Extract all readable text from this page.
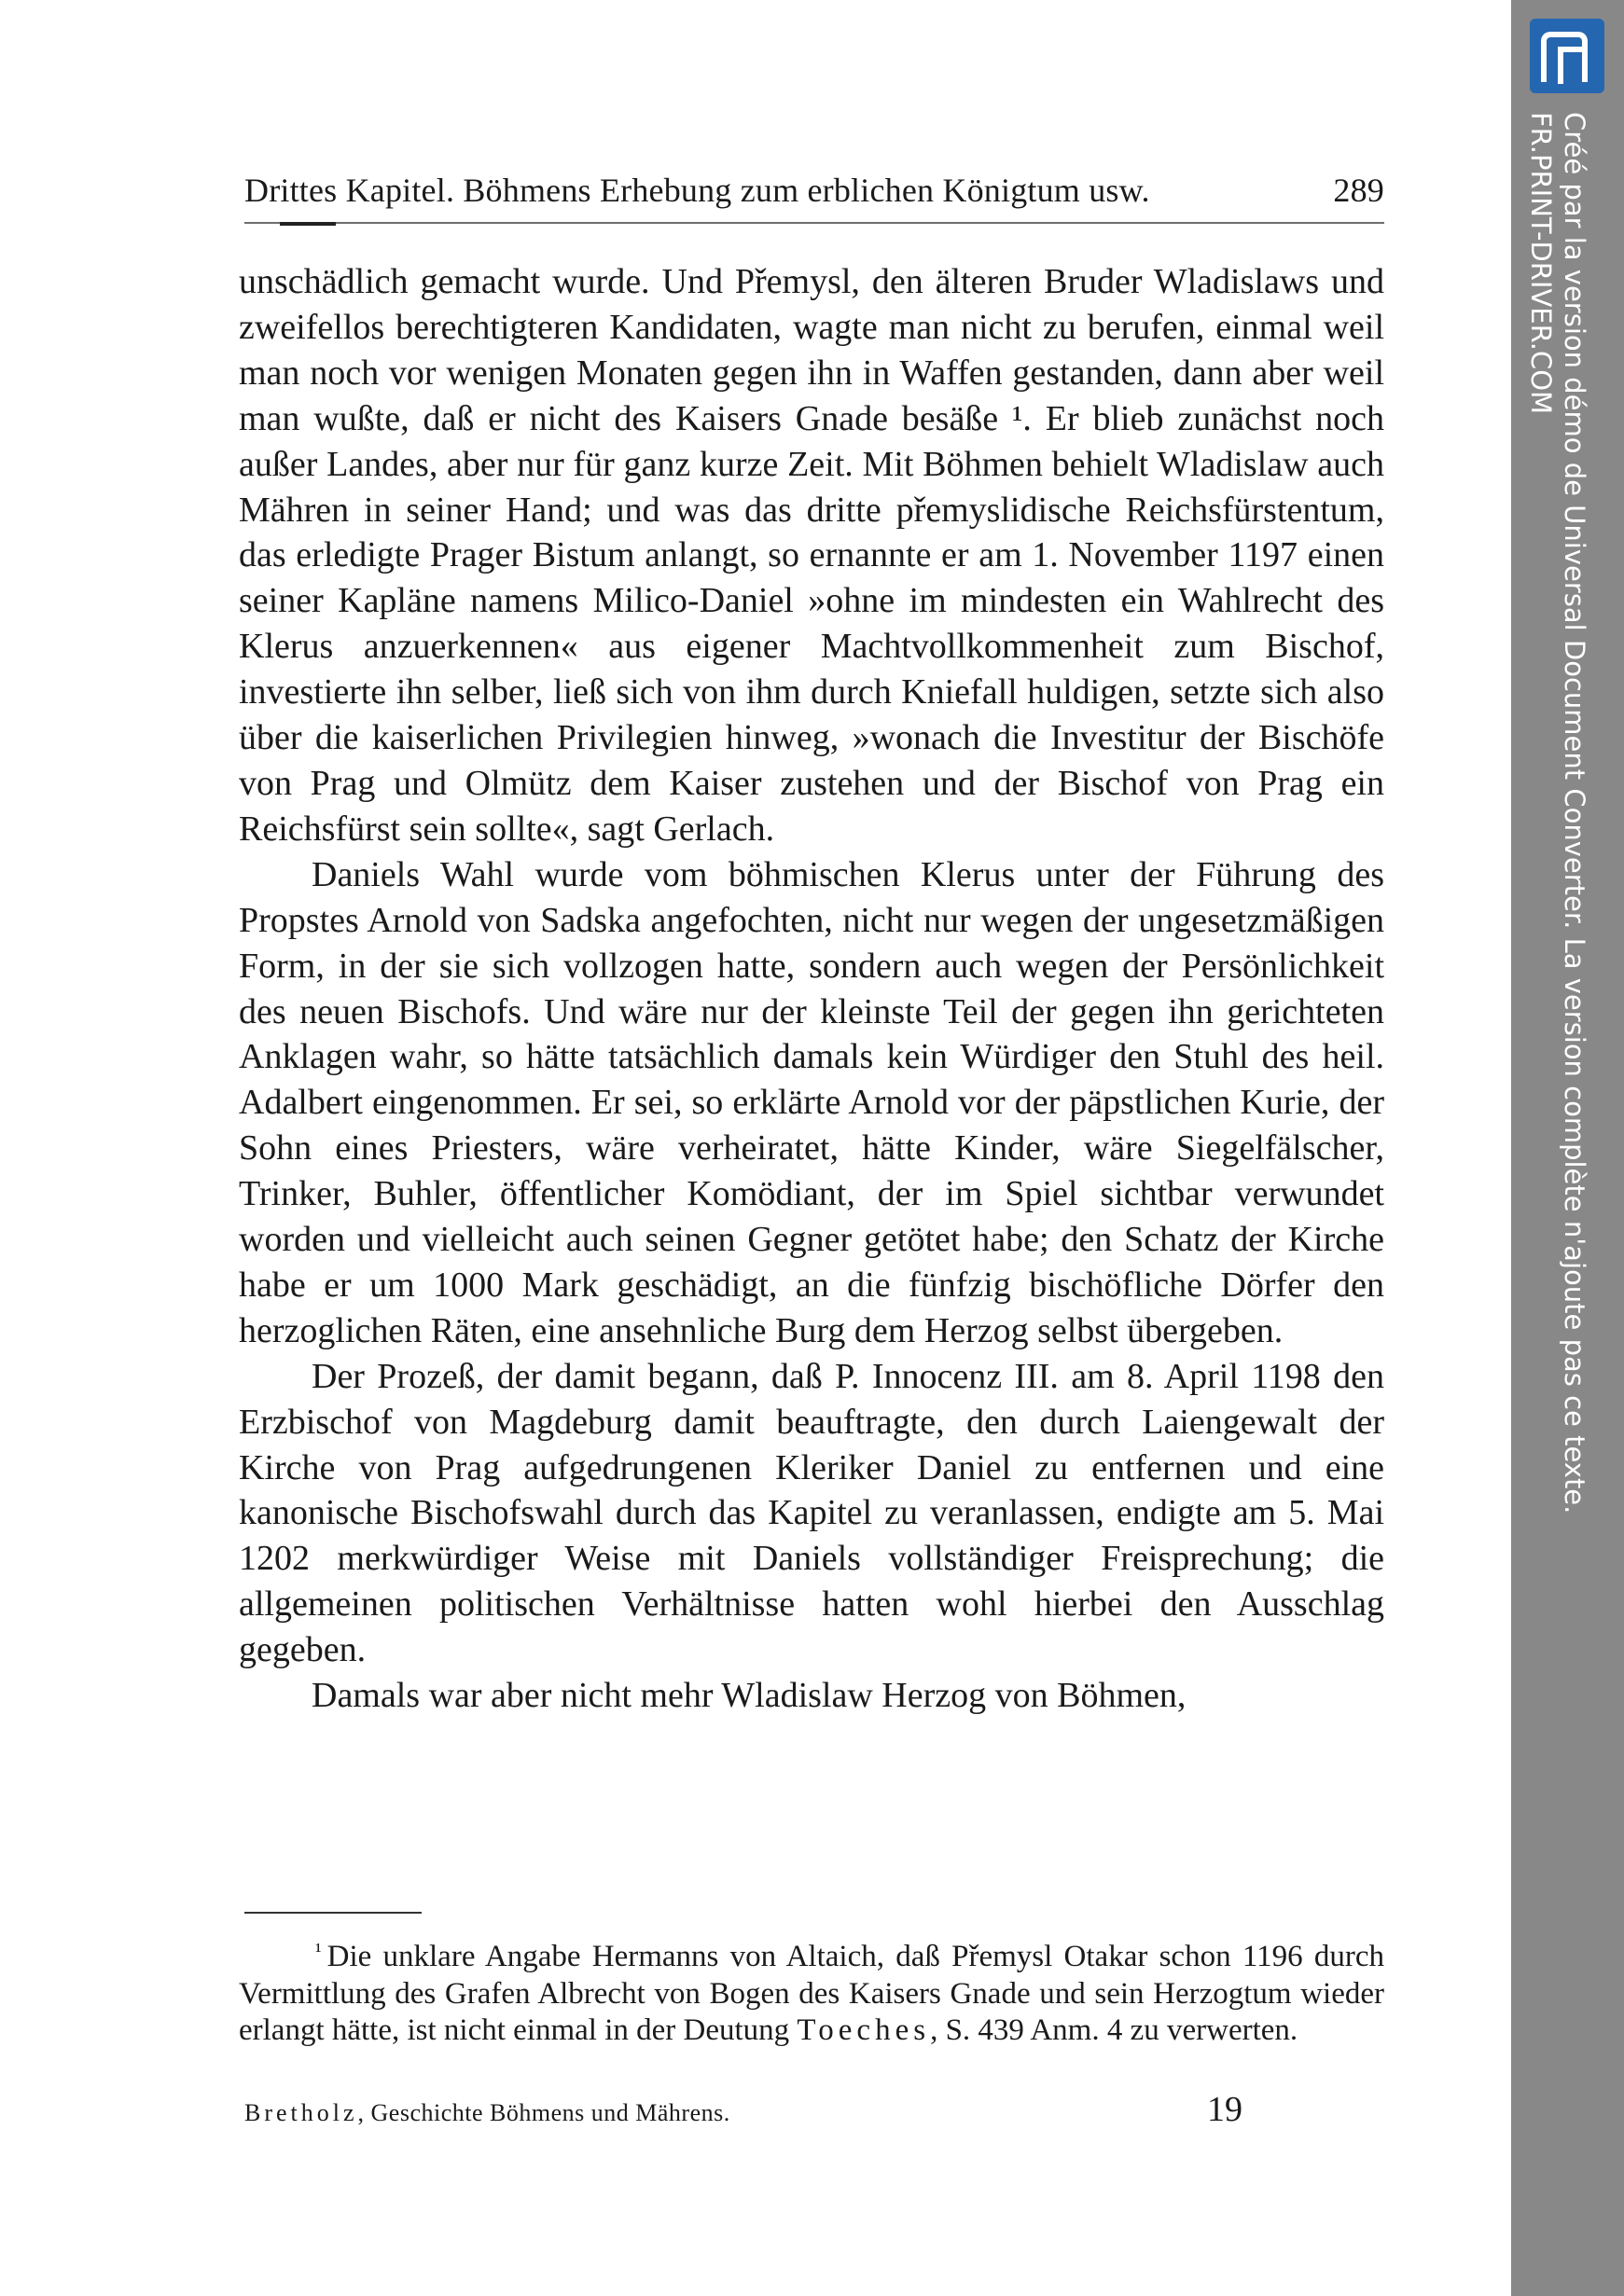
Drittes Kapitel. Böhmens Erhebung zum erblichen Königtum usw.	289

unschädlich gemacht wurde. Und Přemysl, den älteren Bruder Wladislaws und zweifellos berechtigteren Kandidaten, wagte man nicht zu berufen, einmal weil man noch vor wenigen Monaten gegen ihn in Waffen gestanden, dann aber weil man wußte, daß er nicht des Kaisers Gnade besäße ¹. Er blieb zunächst noch außer Landes, aber nur für ganz kurze Zeit. Mit Böhmen behielt Wladislaw auch Mähren in seiner Hand; und was das dritte přemyslidische Reichsfürstentum, das erledigte Prager Bistum anlangt, so ernannte er am 1. November 1197 einen seiner Kapläne namens Milico-Daniel »ohne im mindesten ein Wahlrecht des Klerus anzuerkennen« aus eigener Machtvollkommenheit zum Bischof, investierte ihn selber, ließ sich von ihm durch Kniefall huldigen, setzte sich also über die kaiserlichen Privilegien hinweg, »wonach die Investitur der Bischöfe von Prag und Olmütz dem Kaiser zustehen und der Bischof von Prag ein Reichsfürst sein sollte«, sagt Gerlach.

Daniels Wahl wurde vom böhmischen Klerus unter der Führung des Propstes Arnold von Sadska angefochten, nicht nur wegen der ungesetzmäßigen Form, in der sie sich vollzogen hatte, sondern auch wegen der Persönlichkeit des neuen Bischofs. Und wäre nur der kleinste Teil der gegen ihn gerichteten Anklagen wahr, so hätte tatsächlich damals kein Würdiger den Stuhl des heil. Adalbert eingenommen. Er sei, so erklärte Arnold vor der päpstlichen Kurie, der Sohn eines Priesters, wäre verheiratet, hätte Kinder, wäre Siegelfälscher, Trinker, Buhler, öffentlicher Komödiant, der im Spiel sichtbar verwundet worden und vielleicht auch seinen Gegner getötet habe; den Schatz der Kirche habe er um 1000 Mark geschädigt, an die fünfzig bischöfliche Dörfer den herzoglichen Räten, eine ansehnliche Burg dem Herzog selbst übergeben.

Der Prozeß, der damit begann, daß P. Innocenz III. am 8. April 1198 den Erzbischof von Magdeburg damit beauftragte, den durch Laiengewalt der Kirche von Prag aufgedrungenen Kleriker Daniel zu entfernen und eine kanonische Bischofswahl durch das Kapitel zu veranlassen, endigte am 5. Mai 1202 merkwürdiger Weise mit Daniels vollständiger Freisprechung; die allgemeinen politischen Verhältnisse hatten wohl hierbei den Ausschlag gegeben.

Damals war aber nicht mehr Wladislaw Herzog von Böhmen,

$^{^1}$ Die unklare Angabe Hermanns von Altaich, daß Přemysl Otakar schon 1196 durch Vermittlung des Grafen Albrecht von Bogen des Kaisers Gnade und sein Herzogtum wieder erlangt hätte, ist nicht einmal in der Deutung Toeches, S. 439 Anm. 4 zu verwerten.
Bretholz, Geschichte Böhmens und Mährens.	19
Créé par la version démo de Universal Document Converter. La version complète n'ajoute pas ce texte.
FR.PRINT-DRIVER.COM
